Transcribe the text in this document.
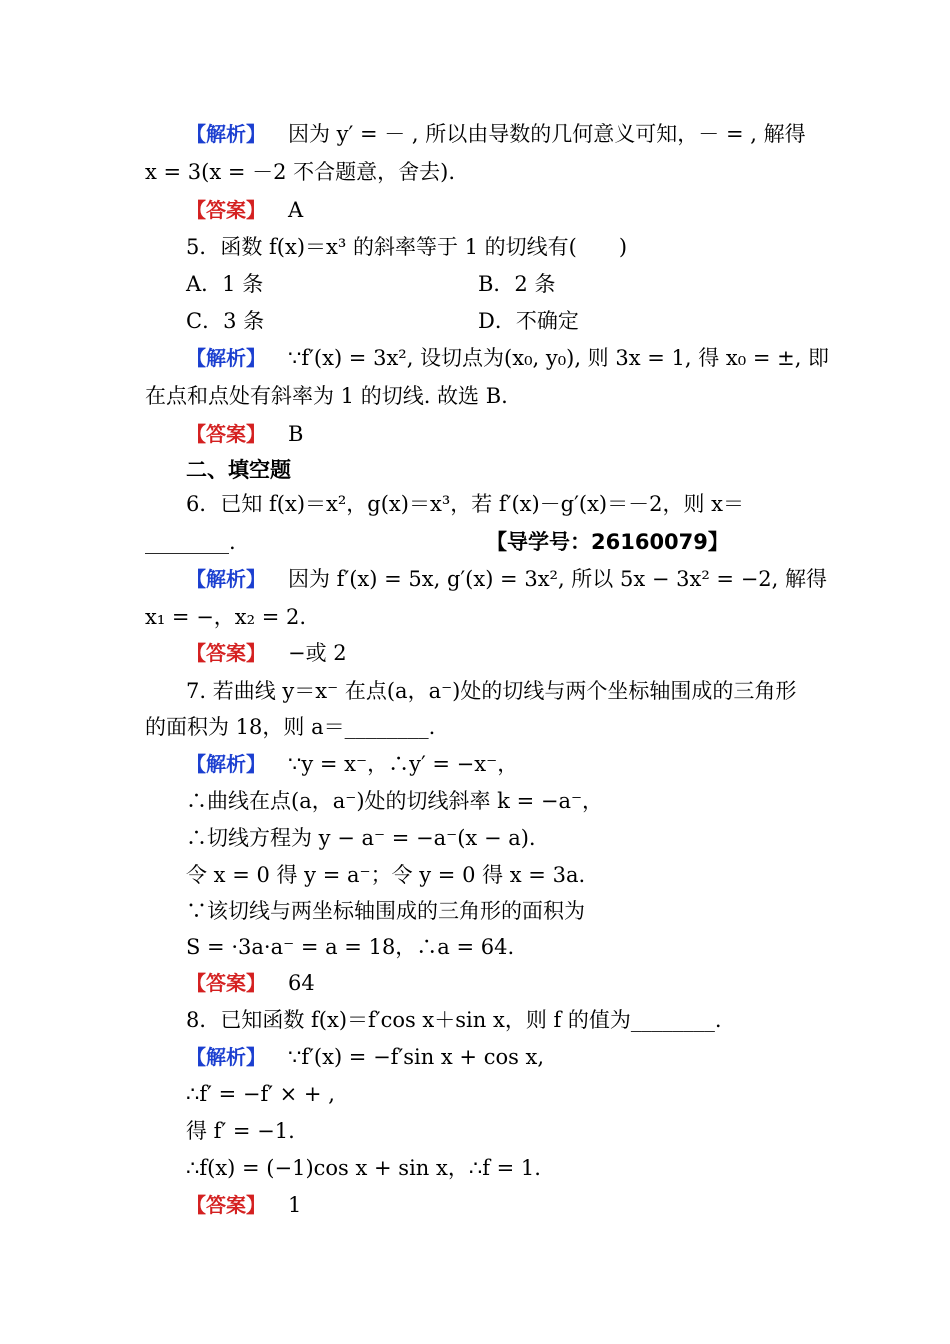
【解析】 因为 y′ = － , 所以由导数的几何意义可知，－ = , 解得
x = 3(x = －2 不合题意，舍去).
【答案】 A
5．函数 f(x)＝x³ 的斜率等于 1 的切线有(　　)
A．1 条	B．2 条
C．3 条	D．不确定
【解析】 ∵f′(x) = 3x², 设切点为(x₀, y₀), 则 3x = 1, 得 x₀ = ±, 即
在点和点处有斜率为 1 的切线. 故选 B.
【答案】 B
二、填空题
6．已知 f(x)＝x²，g(x)＝x³，若 f′(x)－g′(x)＝－2，则 x＝
________.	【导学号：26160079】
【解析】 因为 f′(x) = 5x, g′(x) = 3x², 所以 5x − 3x² = −2, 解得
x₁ = −，x₂ = 2.
【答案】 −或 2
7. 若曲线 y＝x⁻ 在点(a，a⁻)处的切线与两个坐标轴围成的三角形
的面积为 18，则 a＝________.
【解析】 ∵y = x⁻，∴y′ = −x⁻，
∴曲线在点(a，a⁻)处的切线斜率 k = −a⁻，
∴切线方程为 y − a⁻ = −a⁻(x − a).
令 x = 0 得 y = a⁻；令 y = 0 得 x = 3a.
∵该切线与两坐标轴围成的三角形的面积为
S = ·3a·a⁻ = a = 18，∴a = 64.
【答案】 64
8．已知函数 f(x)＝f′cos x＋sin x，则 f 的值为________.
【解析】 ∵f′(x) = −f′sin x + cos x,
∴f′ = −f′ × + ,
得 f′ = −1.
∴f(x) = (−1)cos x + sin x，∴f = 1.
【答案】 1
